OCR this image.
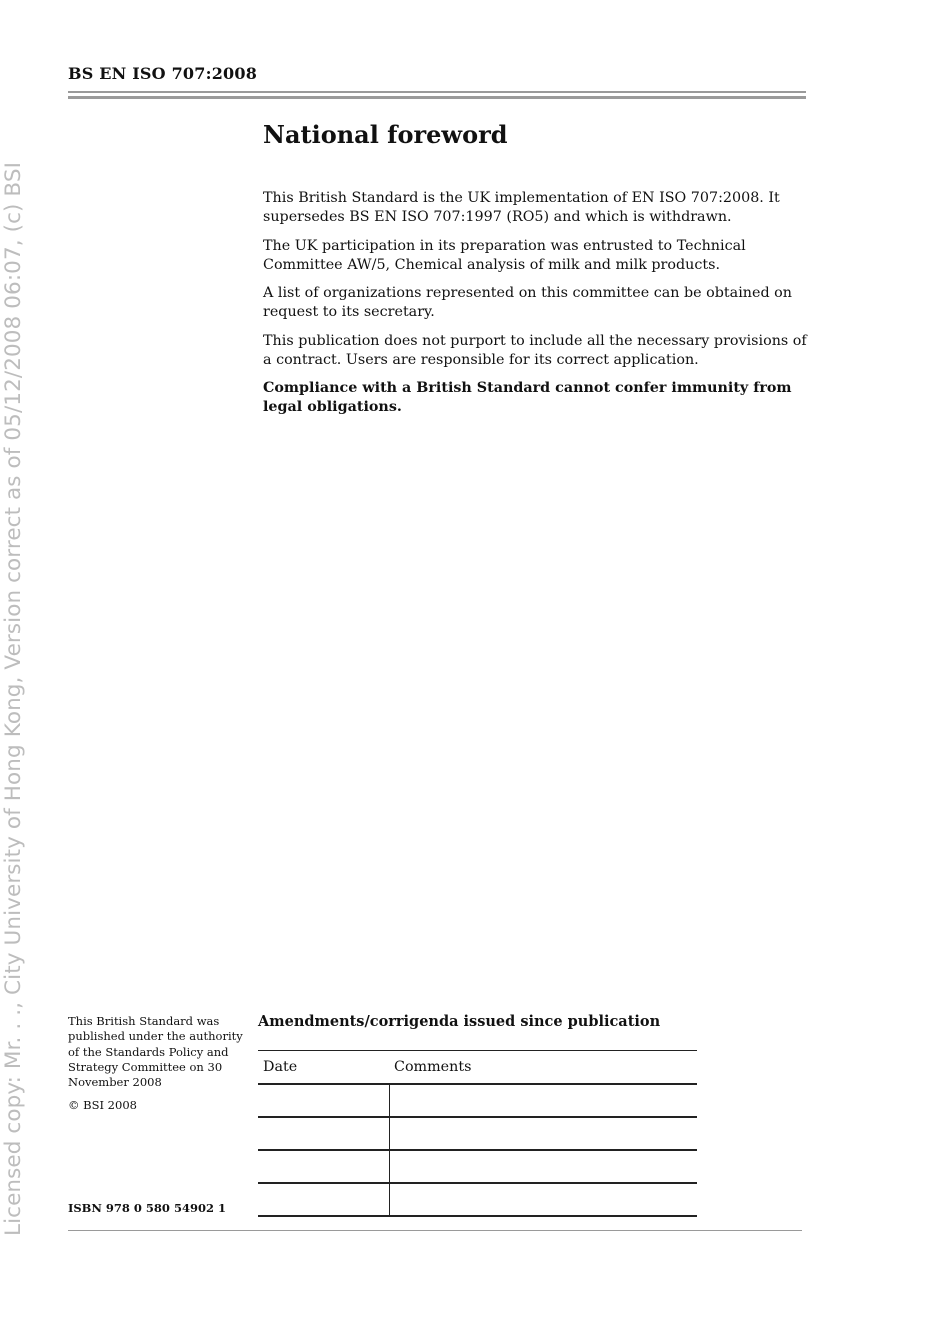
Licensed copy: Mr. . ., City University of Hong Kong, Version correct as of 05/12/2008 06:07, (c) BSI
BS EN ISO 707:2008
National foreword

This British Standard is the UK implementation of EN ISO 707:2008. It supersedes BS EN ISO 707:1997 (RO5) and which is withdrawn.

The UK participation in its preparation was entrusted to Technical Committee AW/5, Chemical analysis of milk and milk products.

A list of organizations represented on this committee can be obtained on request to its secretary.

This publication does not purport to include all the necessary provisions of a contract. Users are responsible for its correct application.

Compliance with a British Standard cannot confer immunity from legal obligations.

This British Standard was published under the authority of the Standards Policy and Strategy Committee on 30 November 2008

© BSI 2008

ISBN 978 0 580 54902 1
Amendments/corrigenda issued since publication
Date	Comments
